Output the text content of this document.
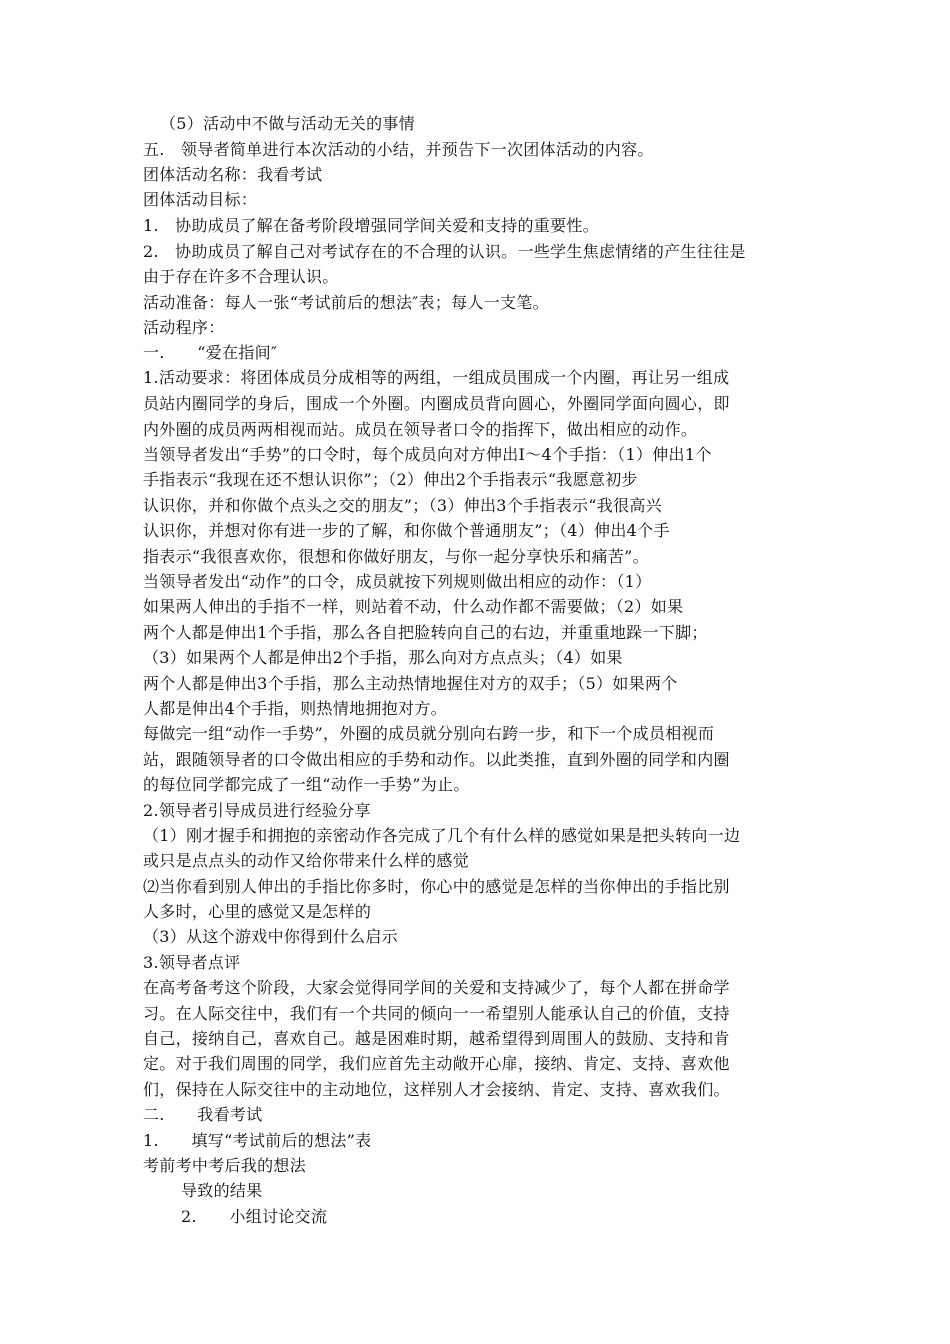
（5）活动中不做与活动无关的事情
五.　领导者简单进行本次活动的小结，并预告下一次团体活动的内容。
团体活动名称：我看考试
团体活动目标：
1.　协助成员了解在备考阶段增强同学间关爱和支持的重要性。
2.　协助成员了解自己对考试存在的不合理的认识。一些学生焦虑情绪的产生往往是
由于存在许多不合理认识。
活动准备：每人一张“考试前后的想法″表；每人一支笔。
活动程序：
一.　　“爱在指间″
1.活动要求：将团体成员分成相等的两组，一组成员围成一个内圈，再让另一组成
员站内圈同学的身后，围成一个外圈。内圈成员背向圆心，外圈同学面向圆心，即
内外圈的成员两两相视而站。成员在领导者口令的指挥下，做出相应的动作。
当领导者发出“手势”的口令时，每个成员向对方伸出Ⅰ〜4个手指：（1）伸出1个
手指表示“我现在还不想认识你”；（2）伸出2个手指表示“我愿意初步
认识你，并和你做个点头之交的朋友”；（3）伸出3个手指表示“我很高兴
认识你，并想对你有进一步的了解，和你做个普通朋友”；（4）伸出4个手
指表示“我很喜欢你，很想和你做好朋友，与你一起分享快乐和痛苦”。
当领导者发出“动作”的口令，成员就按下列规则做出相应的动作：（1）
如果两人伸出的手指不一样，则站着不动，什么动作都不需要做；（2）如果
两个人都是伸出1个手指，那么各自把脸转向自己的右边，并重重地跺一下脚；
（3）如果两个人都是伸出2个手指，那么向对方点点头；（4）如果
两个人都是伸出3个手指，那么主动热情地握住对方的双手；（5）如果两个
人都是伸出4个手指，则热情地拥抱对方。
每做完一组“动作一手势”，外圈的成员就分别向右跨一步，和下一个成员相视而
站，跟随领导者的口令做出相应的手势和动作。以此类推，直到外圈的同学和内圈
的每位同学都完成了一组“动作一手势”为止。
2.领导者引导成员进行经验分享
（1）刚才握手和拥抱的亲密动作各完成了几个有什么样的感觉如果是把头转向一边
或只是点点头的动作又给你带来什么样的感觉
⑵当你看到别人伸出的手指比你多时，你心中的感觉是怎样的当你伸出的手指比别
人多时，心里的感觉又是怎样的
（3）从这个游戏中你得到什么启示
3.领导者点评
在高考备考这个阶段，大家会觉得同学间的关爱和支持减少了，每个人都在拼命学
习。在人际交往中，我们有一个共同的倾向一一希望别人能承认自己的价值，支持
自己，接纳自己，喜欢自己。越是困难时期，越希望得到周围人的鼓励、支持和肯
定。对于我们周围的同学，我们应首先主动敞开心扉，接纳、肯定、支持、喜欢他
们，保持在人际交往中的主动地位，这样别人才会接纳、肯定、支持、喜欢我们。
二.　　我看考试
1.　　填写“考试前后的想法”表
考前考中考后我的想法
导致的结果
2.　　小组讨论交流
